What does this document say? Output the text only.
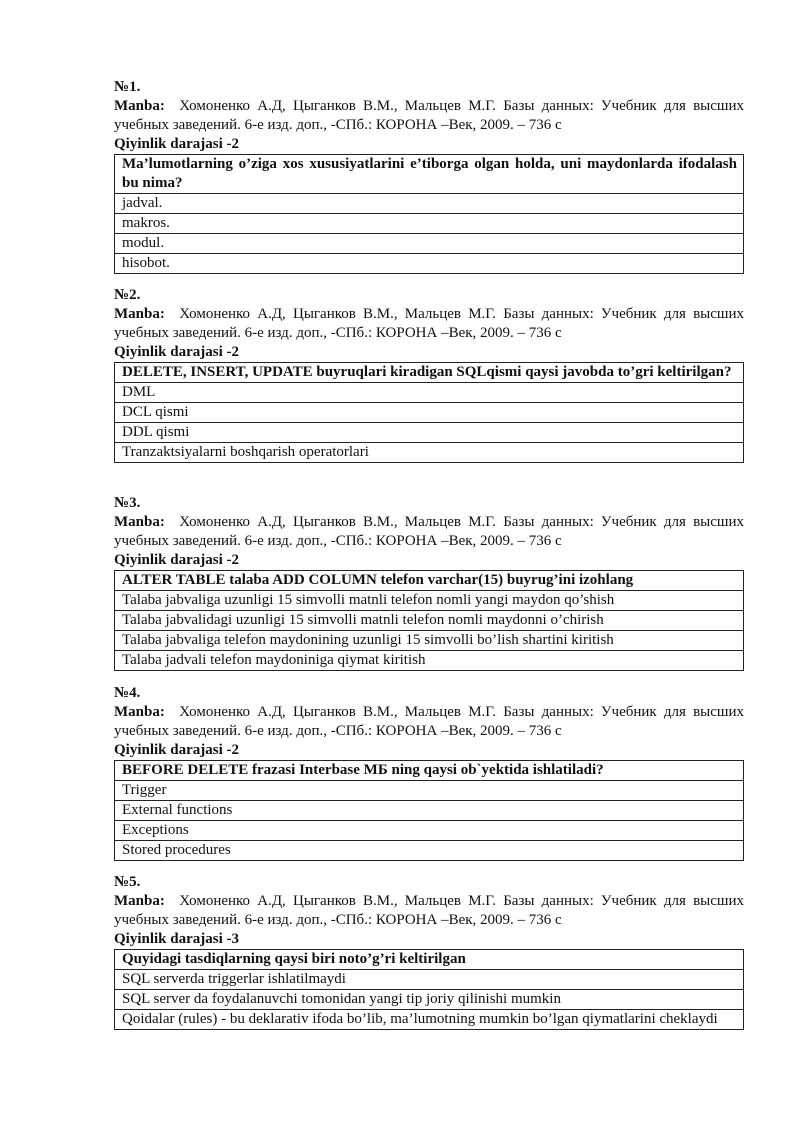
№1.
Manba: Хомоненко А.Д, Цыганков В.М., Мальцев М.Г. Базы данных: Учебник для высших учебных заведений. 6-е изд. доп., -СПб.: КОРОНА –Век, 2009. – 736 с
Qiyinlik darajasi -2
Ma’lumotlarning o’ziga xos xususiyatlarini e’tiborga olgan holda, uni maydonlarda ifodalash bu nima?
jadval.
makros.
modul.
hisobot.
№2.
Manba: Хомоненко А.Д, Цыганков В.М., Мальцев М.Г. Базы данных: Учебник для высших учебных заведений. 6-е изд. доп., -СПб.: КОРОНА –Век, 2009. – 736 с
Qiyinlik darajasi -2
DELETE, INSERT, UPDATE buyruqlari kiradigan SQLqismi qaysi javobda to’gri keltirilgan?
DML
DCL qismi
DDL qismi
Tranzaktsiyalarni boshqarish operatorlari
№3.
Manba: Хомоненко А.Д, Цыганков В.М., Мальцев М.Г. Базы данных: Учебник для высших учебных заведений. 6-е изд. доп., -СПб.: КОРОНА –Век, 2009. – 736 с
Qiyinlik darajasi -2
ALTER TABLE talaba ADD COLUMN telefon varchar(15) buyrug’ini izohlang
Talaba jabvaliga uzunligi 15 simvolli matnli telefon nomli yangi maydon qo’shish
Talaba jabvalidagi uzunligi 15 simvolli matnli telefon nomli maydonni o’chirish
Talaba jabvaliga telefon maydonining uzunligi 15 simvolli bo’lish shartini kiritish
Talaba jadvali telefon maydoniniga qiymat kiritish
№4.
Manba: Хомоненко А.Д, Цыганков В.М., Мальцев М.Г. Базы данных: Учебник для высших учебных заведений. 6-е изд. доп., -СПб.: КОРОНА –Век, 2009. – 736 с
Qiyinlik darajasi -2
BEFORE DELETE frazasi Interbase МБ ning qaysi ob`yektida ishlatiladi?
Trigger
External functions
Exceptions
Stored procedures
№5.
Manba: Хомоненко А.Д, Цыганков В.М., Мальцев М.Г. Базы данных: Учебник для высших учебных заведений. 6-е изд. доп., -СПб.: КОРОНА –Век, 2009. – 736 с
Qiyinlik darajasi -3
Quyidagi tasdiqlarning qaysi biri noto’g’ri keltirilgan
SQL serverda triggerlar ishlatilmaydi
SQL server da foydalanuvchi tomonidan yangi tip joriy qilinishi mumkin
Qoidalar (rules) - bu deklarativ ifoda bo’lib, ma’lumotning mumkin bo’lgan qiymatlarini cheklaydi
